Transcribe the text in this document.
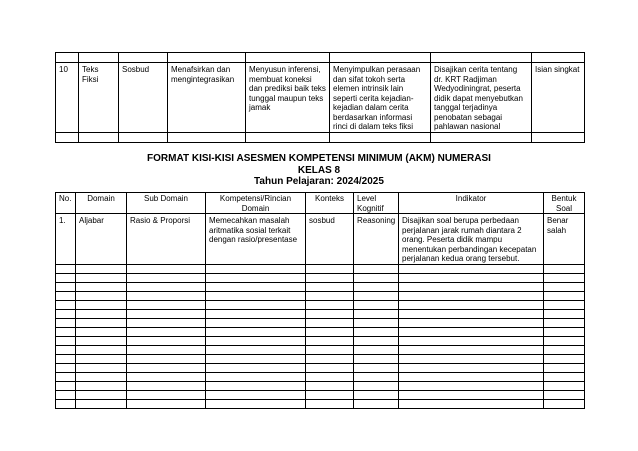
10	Teks Fiksi	Sosbud	Menafsirkan dan mengintegrasikan	Menyusun inferensi, membuat koneksi dan prediksi baik teks tunggal maupun teks jamak	Menyimpulkan perasaan dan sifat tokoh serta elemen intrinsik lain seperti cerita kejadian-kejadian dalam cerita berdasarkan informasi rinci di dalam teks fiksi	Disajikan cerita tentang dr. KRT Radjiman Wedyodiningrat, peserta didik dapat menyebutkan tanggal terjadinya penobatan sebagai pahlawan nasional	Isian singkat

FORMAT KISI-KISI ASESMEN KOMPETENSI MINIMUM (AKM) NUMERASI
KELAS 8
Tahun Pelajaran: 2024/2025
No.	Domain	Sub Domain	Kompetensi/Rincian Domain	Konteks	Level Kognitif	Indikator	Bentuk Soal
1.	Aljabar	Rasio & Proporsi	Memecahkan masalah aritmatika sosial terkait dengan rasio/presentase	sosbud	Reasoning	Disajikan soal berupa perbedaan perjalanan jarak rumah diantara 2 orang. Peserta didik mampu menentukan perbandingan kecepatan perjalanan kedua orang tersebut.	Benar salah
